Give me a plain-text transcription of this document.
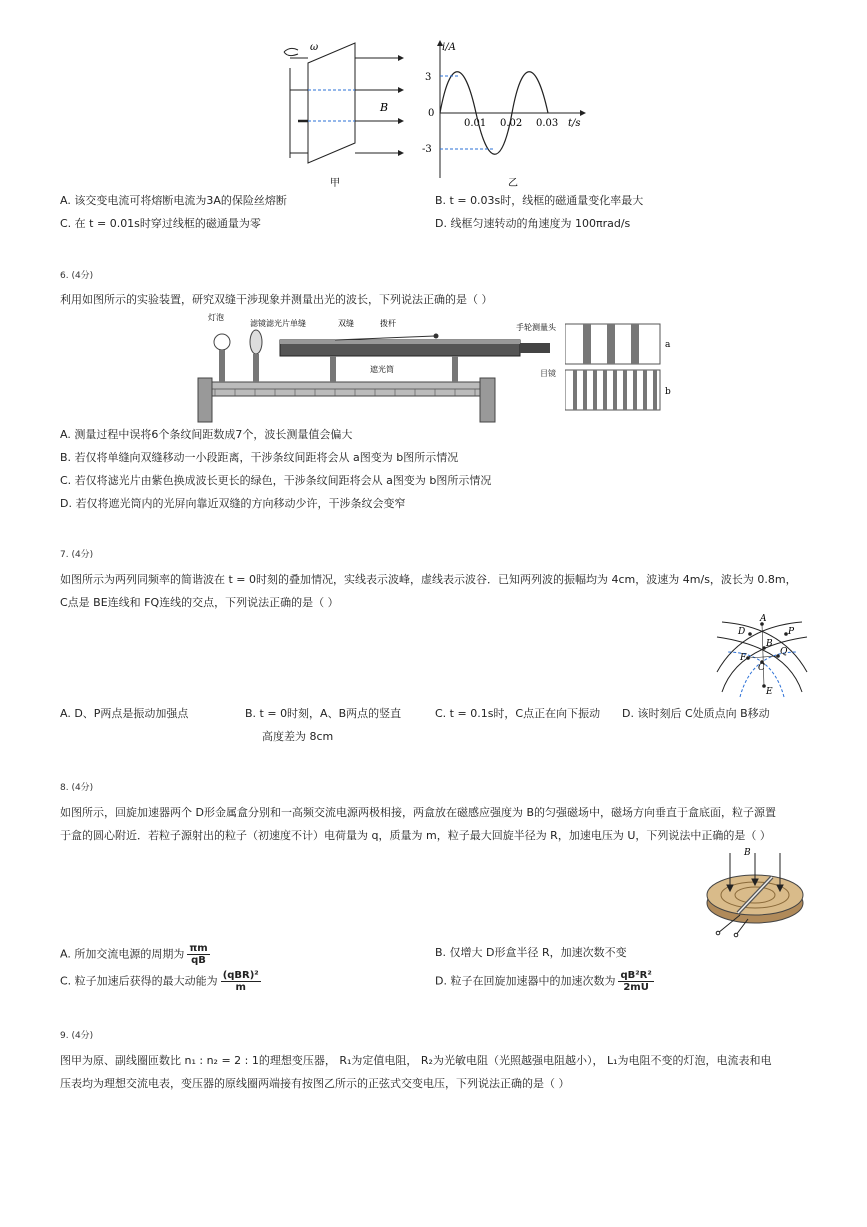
ω
B
甲
i/A
t/s
3
-3
0
0.01 0.02 0.03
乙
A. 该交变电流可将熔断电流为3A的保险丝熔断	B. t = 0.03s时，线框的磁通量变化率最大
C. 在 t = 0.01s时穿过线框的磁通量为零	D. 线框匀速转动的角速度为 100πrad/s
6. (4分)
利用如图所示的实验装置，研究双缝干涉现象并测量出光的波长，下列说法正确的是（ ）
灯泡
滤镜滤光片单缝	双缝	拨杆
遮光筒
手轮测量头
a
b
目镜
A. 测量过程中误将6个条纹间距数成7个，波长测量值会偏大
B. 若仅将单缝向双缝移动一小段距离，干涉条纹间距将会从 a图变为 b图所示情况
C. 若仅将滤光片由紫色换成波长更长的绿色，干涉条纹间距将会从 a图变为 b图所示情况
D. 若仅将遮光筒内的光屏向靠近双缝的方向移动少许，干涉条纹会变窄
7. (4分)
如图所示为两列同频率的简谐波在 t = 0时刻的叠加情况，实线表示波峰，虚线表示波谷．已知两列波的振幅均为 4cm，波速为 4m/s，波长为 0.8m，
C点是 BE连线和 FQ连线的交点，下列说法正确的是（ ）
A
D	P
B
F
Q
C
E
A. D、P两点是振动加强点	B. t = 0时刻，A、B两点的竖直
高度差为 8cm
C. t = 0.1s时，C点正在向下振动 D. 该时刻后 C处质点向 B移动
8. (4分)
如图所示，回旋加速器两个 D形金属盒分别和一高频交流电源两极相接，两盒放在磁感应强度为 B的匀强磁场中，磁场方向垂直于盒底面，粒子源置
于盒的圆心附近．若粒子源射出的粒子（初速度不计）电荷量为 q，质量为 m，粒子最大回旋半径为 R，加速电压为 U，下列说法中正确的是（ ）
B
A. 所加交流电源的周期为 $\frac{\pi m}{qB}$	B. 仅增大 D形盒半径 R，加速次数不变
C. 粒子加速后获得的最大动能为 $\frac{\text{(qBR)²}}{m}$	D. 粒子在回旋加速器中的加速次数为 $\frac{\text{qB²R²}}{2mU}$
9. (4分)
图甲为原、副线圈匝数比 n₁ : n₂ = 2 : 1的理想变压器， R₁为定值电阻， R₂为光敏电阻（光照越强电阻越小）， L₁为电阻不变的灯泡，电流表和电
压表均为理想交流电表，变压器的原线圈两端接有按图乙所示的正弦式交变电压，下列说法正确的是（ ）
